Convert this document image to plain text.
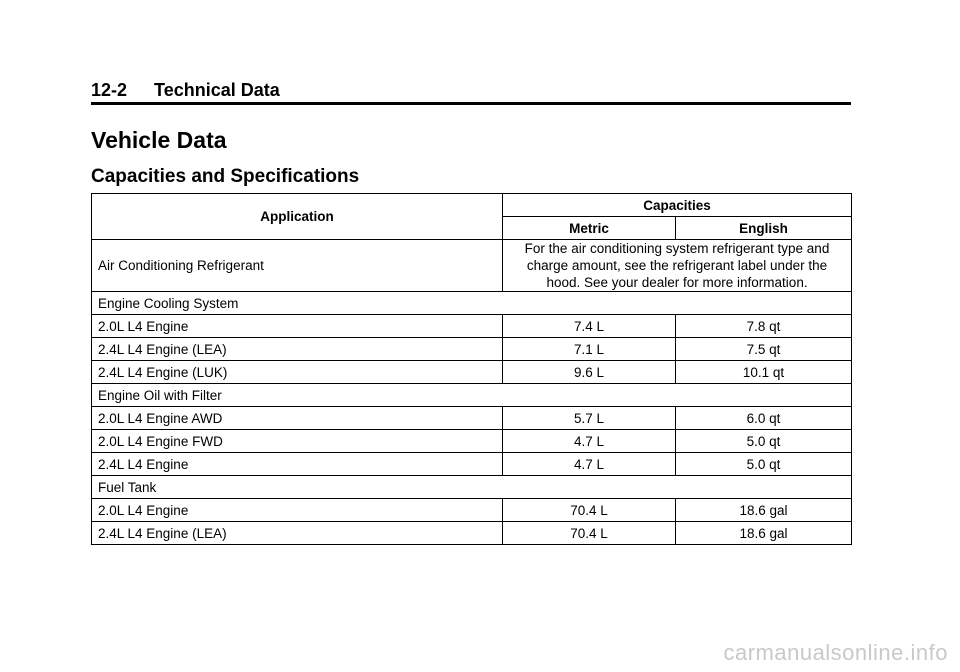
12-2 Technical Data
Vehicle Data
Capacities and Specifications
Application	Capacities	
	Metric	English
Air Conditioning Refrigerant	For the air conditioning system refrigerant type and charge amount, see the refrigerant label under the hood. See your dealer for more information.	
Engine Cooling System		
2.0L L4 Engine	7.4 L	7.8 qt
2.4L L4 Engine (LEA)	7.1 L	7.5 qt
2.4L L4 Engine (LUK)	9.6 L	10.1 qt
Engine Oil with Filter		
2.0L L4 Engine AWD	5.7 L	6.0 qt
2.0L L4 Engine FWD	4.7 L	5.0 qt
2.4L L4 Engine	4.7 L	5.0 qt
Fuel Tank		
2.0L L4 Engine	70.4 L	18.6 gal
2.4L L4 Engine (LEA)	70.4 L	18.6 gal
carmanualsonline.info
